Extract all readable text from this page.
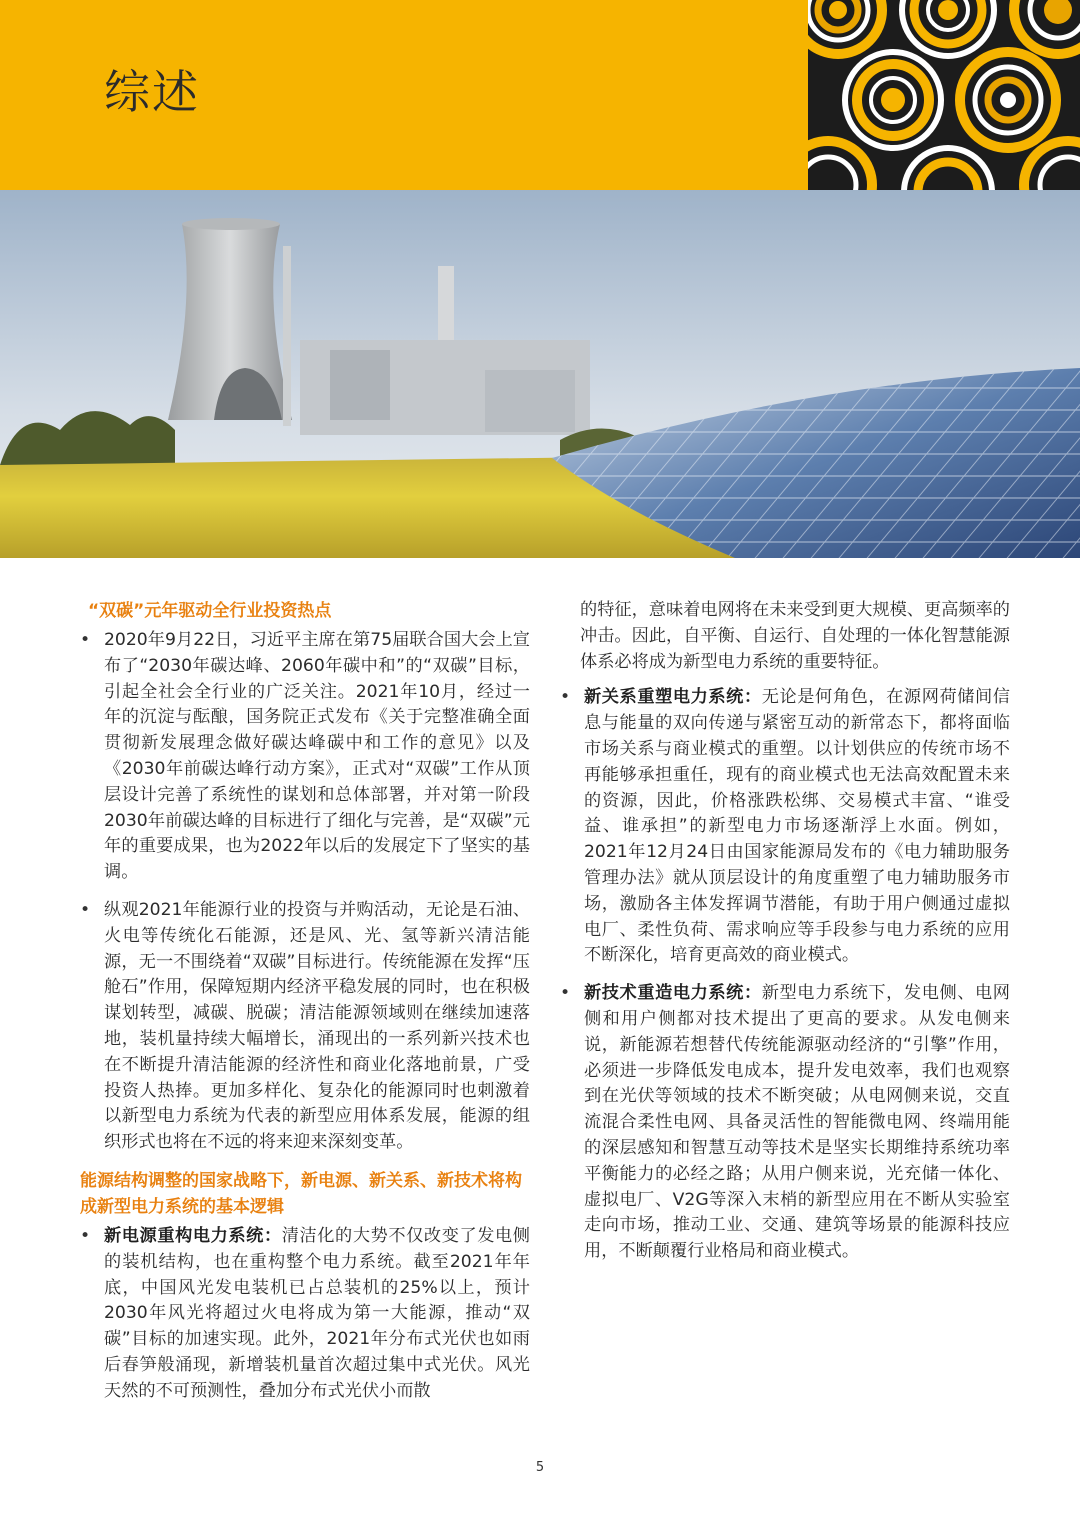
综述
“双碳”元年驱动全行业投资热点
• 2020年9月22日，习近平主席在第75届联合国大会上宣布了“2030年碳达峰、2060年碳中和”的“双碳”目标，引起全社会全行业的广泛关注。2021年10月，经过一年的沉淀与酝酿，国务院正式发布《关于完整准确全面贯彻新发展理念做好碳达峰碳中和工作的意见》以及《2030年前碳达峰行动方案》，正式对“双碳”工作从顶层设计完善了系统性的谋划和总体部署，并对第一阶段2030年前碳达峰的目标进行了细化与完善，是“双碳”元年的重要成果，也为2022年以后的发展定下了坚实的基调。
• 纵观2021年能源行业的投资与并购活动，无论是石油、火电等传统化石能源，还是风、光、氢等新兴清洁能源，无一不围绕着“双碳”目标进行。传统能源在发挥“压舱石”作用，保障短期内经济平稳发展的同时，也在积极谋划转型，减碳、脱碳；清洁能源领域则在继续加速落地，装机量持续大幅增长，涌现出的一系列新兴技术也在不断提升清洁能源的经济性和商业化落地前景，广受投资人热捧。更加多样化、复杂化的能源同时也刺激着以新型电力系统为代表的新型应用体系发展，能源的组织形式也将在不远的将来迎来深刻变革。
能源结构调整的国家战略下，新电源、新关系、新技术将构成新型电力系统的基本逻辑
• 新电源重构电力系统：清洁化的大势不仅改变了发电侧的装机结构，也在重构整个电力系统。截至2021年年底，中国风光发电装机已占总装机的25%以上，预计2030年风光将超过火电将成为第一大能源，推动“双碳”目标的加速实现。此外，2021年分布式光伏也如雨后春笋般涌现，新增装机量首次超过集中式光伏。风光天然的不可预测性，叠加分布式光伏小而散
的特征，意味着电网将在未来受到更大规模、更高频率的冲击。因此，自平衡、自运行、自处理的一体化智慧能源体系必将成为新型电力系统的重要特征。
• 新关系重塑电力系统：无论是何角色，在源网荷储间信息与能量的双向传递与紧密互动的新常态下，都将面临市场关系与商业模式的重塑。以计划供应的传统市场不再能够承担重任，现有的商业模式也无法高效配置未来的资源，因此，价格涨跌松绑、交易模式丰富、“谁受益、谁承担”的新型电力市场逐渐浮上水面。例如，2021年12月24日由国家能源局发布的《电力辅助服务管理办法》就从顶层设计的角度重塑了电力辅助服务市场，激励各主体发挥调节潜能，有助于用户侧通过虚拟电厂、柔性负荷、需求响应等手段参与电力系统的应用不断深化，培育更高效的商业模式。
• 新技术重造电力系统：新型电力系统下，发电侧、电网侧和用户侧都对技术提出了更高的要求。从发电侧来说，新能源若想替代传统能源驱动经济的“引擎”作用，必须进一步降低发电成本，提升发电效率，我们也观察到在光伏等领域的技术不断突破；从电网侧来说，交直流混合柔性电网、具备灵活性的智能微电网、终端用能的深层感知和智慧互动等技术是坚实长期维持系统功率平衡能力的必经之路；从用户侧来说，光充储一体化、虚拟电厂、V2G等深入末梢的新型应用在不断从实验室走向市场，推动工业、交通、建筑等场景的能源科技应用，不断颠覆行业格局和商业模式。
5
